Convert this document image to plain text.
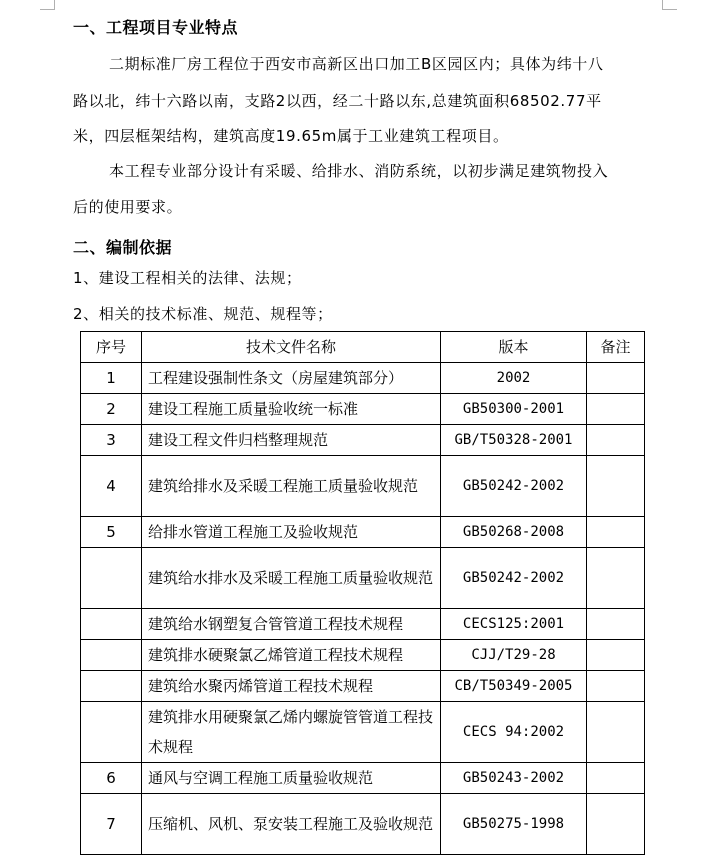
一、工程项目专业特点
二期标准厂房工程位于西安市高新区出口加工B区园区内；具体为纬十八
路以北，纬十六路以南，支路2以西，经二十路以东,总建筑面积68502.77平
米，四层框架结构，建筑高度19.65m属于工业建筑工程项目。
本工程专业部分设计有采暖、给排水、消防系统，以初步满足建筑物投入
后的使用要求。
二、编制依据
1、建设工程相关的法律、法规；
2、相关的技术标准、规范、规程等；
序号	技术文件名称	版本	备注
1	工程建设强制性条文（房屋建筑部分）	2002	
2	建设工程施工质量验收统一标准	GB50300-2001	
3	建设工程文件归档整理规范	GB/T50328-2001	
4	建筑给排水及采暖工程施工质量验收规范	GB50242-2002	
5	给排水管道工程施工及验收规范	GB50268-2008	
	建筑给水排水及采暖工程施工质量验收规范	GB50242-2002	
	建筑给水钢塑复合管管道工程技术规程	CECS125:2001	
	建筑排水硬聚氯乙烯管道工程技术规程	CJJ/T29-28	
	建筑给水聚丙烯管道工程技术规程	CB/T50349-2005	
	建筑排水用硬聚氯乙烯内螺旋管管道工程技术规程	CECS 94:2002	
6	通风与空调工程施工质量验收规范	GB50243-2002	
7	压缩机、风机、泵安装工程施工及验收规范	GB50275-1998	
